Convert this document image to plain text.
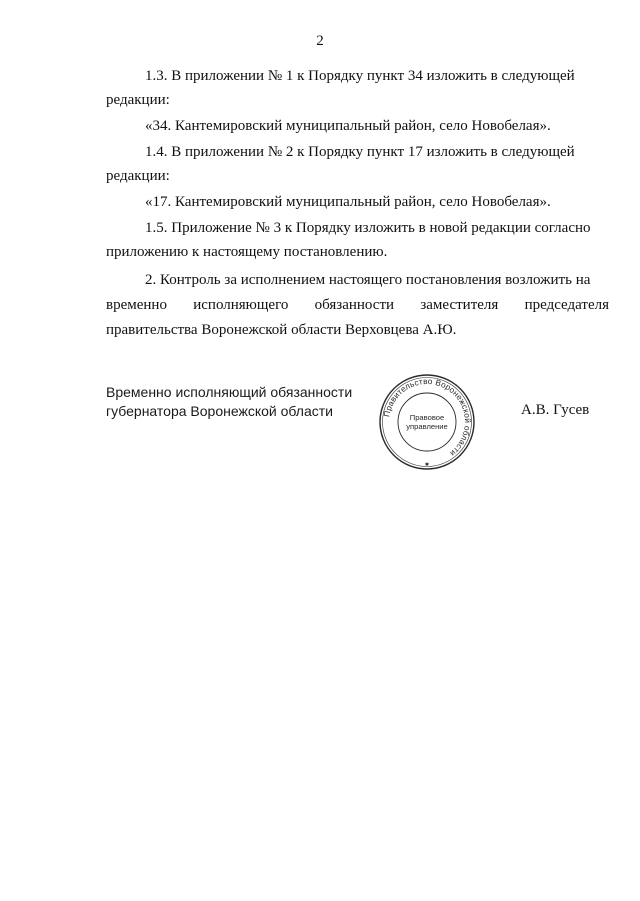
2
1.3. В приложении № 1 к Порядку пункт 34 изложить в следующей
редакции:
«34. Кантемировский муниципальный район, село Новобелая».
1.4. В приложении № 2 к Порядку пункт 17 изложить в следующей
редакции:
«17. Кантемировский муниципальный район, село Новобелая».
1.5. Приложение № 3 к Порядку изложить в новой редакции согласно
приложению к настоящему постановлению.
2. Контроль за исполнением настоящего постановления возложить на
временно исполняющего обязанности заместителя председателя
правительства Воронежской области Верховцева А.Ю.
Временно исполняющий обязанности
губернатора Воронежской области	А.В. Гусев
Правительство Воронежской области
Правовое
управление
✱
